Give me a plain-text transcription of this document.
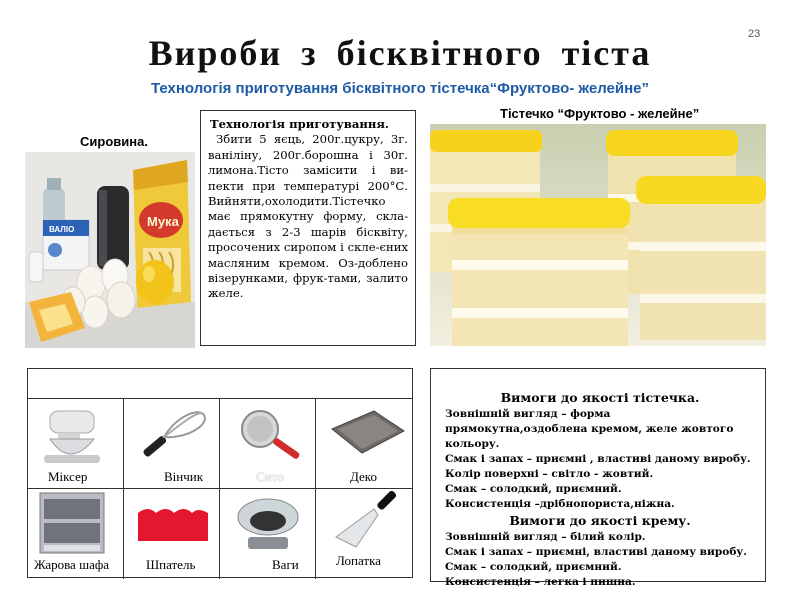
23
Вироби з бісквітного тіста
Технологія приготування бісквітного тістечка“Фруктово- желейне”
Сировина.
Тістечко “Фруктово - желейне”
Мука
ВАЛІО
Технологія приготування.
Збити 5 яєць, 200г.цукру, 3г. ваніліну, 200г.борошна і 30г. лимона.Тісто замісити і ви-пекти при температурі 200°С. Вийняти,охолодити.Тістечко має прямокутну форму, скла-дається з 2-3 шарів бісквіту, просочених сиропом і склe-єних масляним кремом. Оз-доблено візерунками, фрук-тами, залито желе.
Міксер	Вінчик	Сито	Деко
Жарова шафа	Шпатель	Ваги	Лопатка
Вимоги до якості тістечка.
Зовнішній вигляд – форма прямокутна,оздоблена кремом, желе жовтого кольору.
Смак і запах – приємні , властиві даному виробу.
Колір поверхні – світло - жовтий.
Смак – солодкий, приємний.
Консистенція –дрібнопориста,ніжна.
Вимоги до якості крему.
Зовнішній вигляд – білий колір.
Смак і запах – приємні, властиві даному виробу.
Смак – солодкий, приємний.
Консистенція – легка і пишна.
